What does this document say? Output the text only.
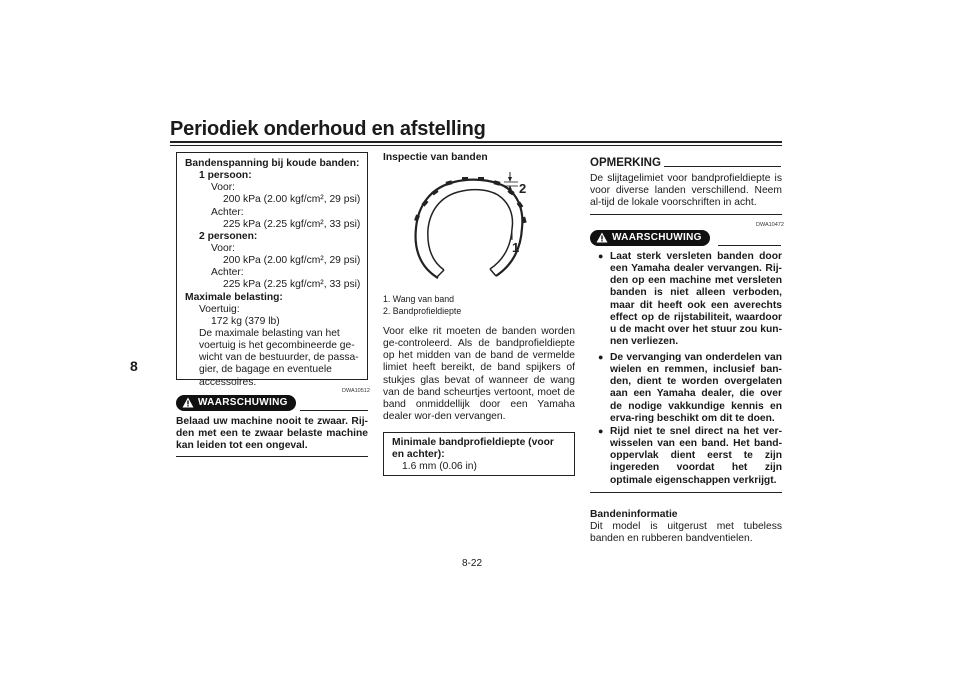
Periodiek onderhoud en afstelling
8
Bandenspanning bij koude banden:
1 persoon:
Voor:
200 kPa (2.00 kgf/cm², 29 psi)
Achter:
225 kPa (2.25 kgf/cm², 33 psi)
2 personen:
Voor:
200 kPa (2.00 kgf/cm², 29 psi)
Achter:
225 kPa (2.25 kgf/cm², 33 psi)
Maximale belasting:
Voertuig:
172 kg (379 lb)
De maximale belasting van het voertuig is het gecombineerde ge-wicht van de bestuurder, de passa-gier, de bagage en eventuele accessoires.
DWA10512
WAARSCHUWING
Belaad uw machine nooit te zwaar. Rij-den met een te zwaar belaste machine kan leiden tot een ongeval.
Inspectie van banden
2
1
1. Wang van band
2. Bandprofieldiepte
Voor elke rit moeten de banden worden ge-controleerd. Als de bandprofieldiepte op het midden van de band de vermelde limiet heeft bereikt, de band spijkers of stukjes glas bevat of wanneer de wang van de band scheurtjes vertoont, moet de band onmiddellijk door een Yamaha dealer wor-den vervangen.
Minimale bandprofieldiepte (voor en achter):
1.6 mm (0.06 in)
OPMERKING
De slijtagelimiet voor bandprofieldiepte is voor diverse landen verschillend. Neem al-tijd de lokale voorschriften in acht.
DWA10472
WAARSCHUWING
● Laat sterk versleten banden door een Yamaha dealer vervangen. Rij-den op een machine met versleten banden is niet alleen verboden, maar dit heeft ook een averechts effect op de rijstabiliteit, waardoor u de macht over het stuur zou kun-nen verliezen.
● De vervanging van onderdelen van wielen en remmen, inclusief ban-den, dient te worden overgelaten aan een Yamaha dealer, die over de nodige vakkundige kennis en erva-ring beschikt om dit te doen.
● Rijd niet te snel direct na het ver-wisselen van een band. Het band-oppervlak dient eerst te zijn ingereden voordat het zijn optimale eigenschappen verkrijgt.
Bandeninformatie
Dit model is uitgerust met tubeless banden en rubberen bandventielen.
8-22
